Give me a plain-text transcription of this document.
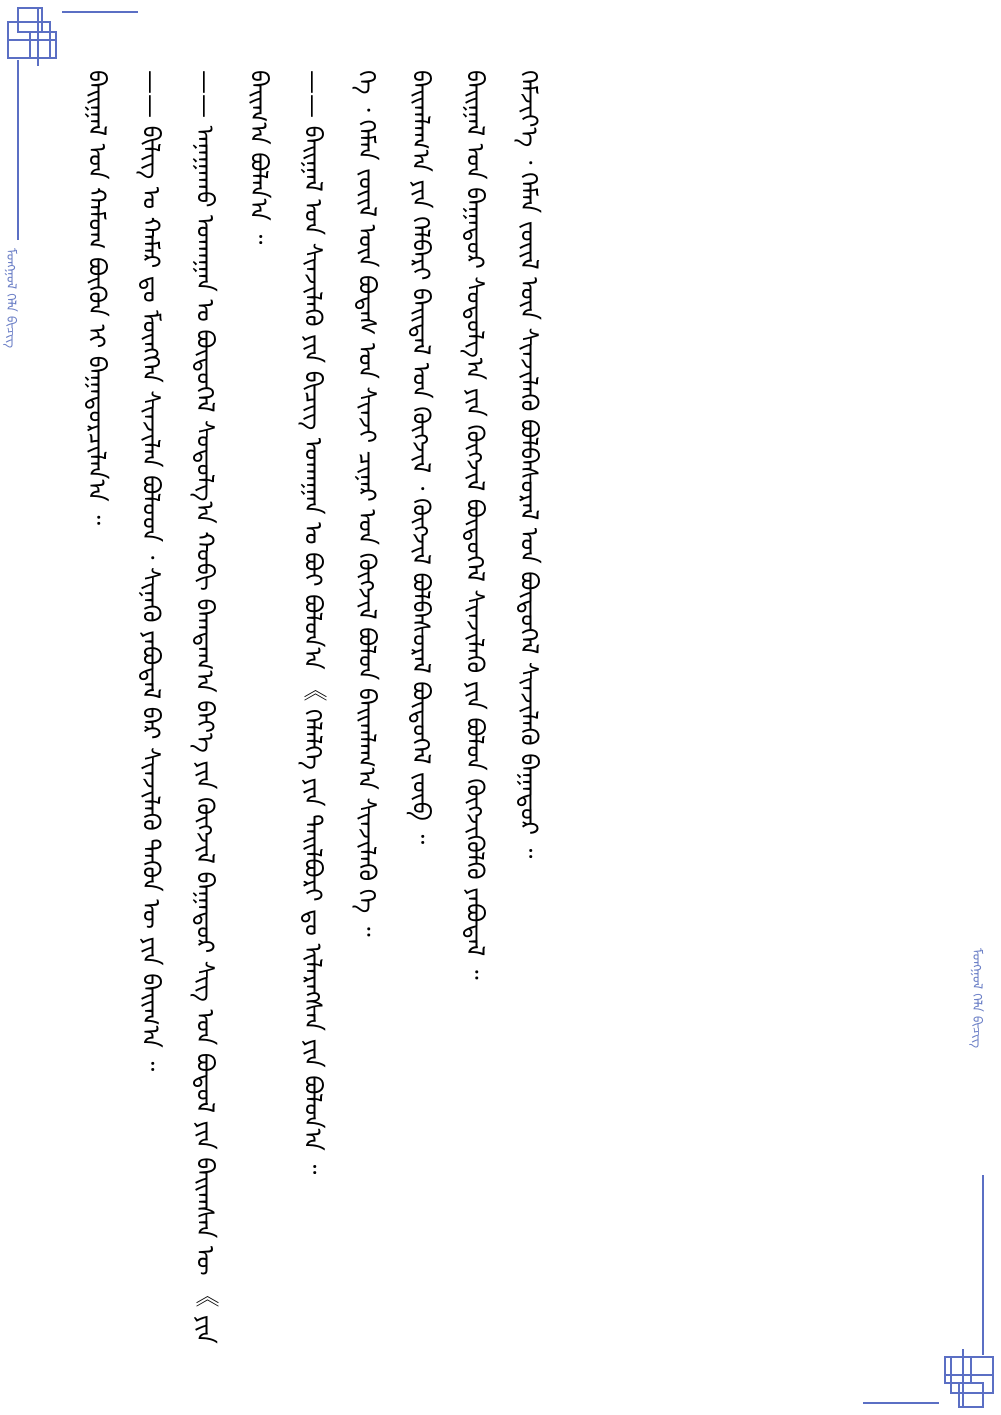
ᠮᠣᠩᠭᠣᠯ ᠬᠡᠯᠡ ᠪᠢᠴᠢᠭ
ᠮᠣᠩᠭᠣᠯ ᠬᠡᠯᠡ ᠪᠢᠴᠢᠭ

ᠪᠠᠢᠭᠠᠯ ᠤᠨ ᠬᠠᠮᠤᠭ ᠪᠦᠬᠦᠨ ᠢ ᠪᠠᠭᠠᠲᠤᠷᠴᠢᠯᠠᠨ᠎ᠠ ᠃	—— ᠪᠢᠯᠢᠭ ᠤ ᠬᠠᠮᠠᠷ ᠳᠤ ᠮᠥᠩᠭᠡᠨ ᠰᠢᠨᠵᠢᠯᠡᠨ ᠪᠣᠯᠣᠳ ᠂ ᠰᠢᠨᠡᠬᠦ ᠶᠠᠪᠤᠳᠠᠯ ᠪᠠᠷ ᠰᠢᠨᠵᠢᠯᠡᠬᠦ ᠲᠡᠭᠦᠨ ᠦ ᠶᠢᠨ ᠪᠠᠢᠭ᠎ᠠ ᠃	—— ᠠᠨᠠᠭᠠᠬᠤ ᠤᠬᠠᠭᠠᠨ ᠤ ᠪᠦᠲᠦᠭᠡᠯ ᠰᠣᠳᠣᠯᠭ᠎ᠠ ᠬᠤᠪᠢ ᠪᠠᠭᠲᠠᠭ᠎ᠠ ᠪᠡᠶ᠎ᠡ ᠶᠢᠨ ᠬᠥᠭᠵᠢᠯ ᠪᠠᠭᠠᠲᠤᠷ ᠰᠢᠭ ᠤᠨ ᠪᠣᠳᠤᠯ ᠶᠢᠨ ᠪᠠᠢᠭᠰᠠᠨ ᠦ 《 ᠶᠢᠨ ᠪᠠᠢᠭ᠎ᠠ ᠪᠣᠯᠠᠨ᠎ᠠ ᠃	—— ᠪᠠᠢᠭᠠᠯ ᠤᠨ ᠰᠢᠨᠵᠢᠯᠡᠬᠦ ᠶᠢᠨ ᠪᠢᠴᠢᠭ᠌ ᠤᠬᠠᠭᠠᠨ ᠤ ᠪᠤᠢ ᠪᠣᠯᠣᠨ᠎ᠠ 《 ᠬᠡᠯᠡᠯᠭᠡ ᠶᠢᠨ ᠲᠠᠢᠯᠪᠤᠷᠢ ᠳᠤ ᠢᠯᠡᠷᠡᠭᠰᠡᠨ ᠶᠢᠨ ᠪᠣᠯᠤᠨ᠎ᠠ ᠃	ᠬᠡ ᠂ ᠬᠡᠮᠡᠨ ᠵᠦᠢᠯ ᠦᠨ ᠪᠣᠳᠠᠰ ᠤᠨ ᠰᠢᠨᠵᠢ ᠴᠢᠨᠠᠷ ᠤᠨ ᠬᠥᠭᠵᠢᠯ ᠪᠣᠯᠤᠨ ᠪᠠᠢᠭᠯᠠᠭ᠎ᠠ ᠰᠢᠨᠵᠢᠯᠡᠬᠦ ᠬᠡ ᠃	ᠪᠠᠢᠭᠯᠠᠭ᠎ᠠ ᠶᠢᠨ ᠬᠡᠯᠪᠡᠷᠢ ᠪᠠᠢᠳᠠᠯ ᠤᠨ ᠬᠥᠭᠵᠢᠯ ᠂ ᠬᠥᠭᠵᠢᠯ ᠪᠣᠯᠪᠠᠰᠤᠷᠠᠯ ᠪᠦᠲᠦᠭᠡᠯ ᠵᠥᠪ ᠃	ᠪᠠᠢᠭᠠᠯ ᠤᠨ ᠪᠠᠭᠠᠲᠤᠷ ᠰᠣᠳᠣᠯᠭ᠎ᠠ ᠶᠢᠨ ᠬᠥᠭᠵᠢᠯ ᠪᠦᠲᠦᠭᠡᠯ ᠰᠢᠨᠵᠢᠯᠡᠬᠦ ᠶᠢᠨ ᠪᠣᠯᠤᠨ ᠬᠥᠭᠵᠢᠭᠦᠯᠬᠦ ᠶᠠᠪᠤᠳᠠᠯ ᠃	ᠬᠡᠮᠵᠢᠶ᠎ᠡ ᠂ ᠬᠡᠮᠡᠨ ᠵᠦᠢᠯ ᠦᠨ ᠰᠢᠨᠵᠢᠯᠡᠬᠦ ᠪᠣᠯᠪᠠᠰᠤᠷᠠᠯ ᠤᠨ ᠪᠦᠲᠦᠭᠡᠯ ᠰᠢᠨᠵᠢᠯᠡᠬᠦ ᠪᠠᠭᠠᠲᠤᠷ ᠃
